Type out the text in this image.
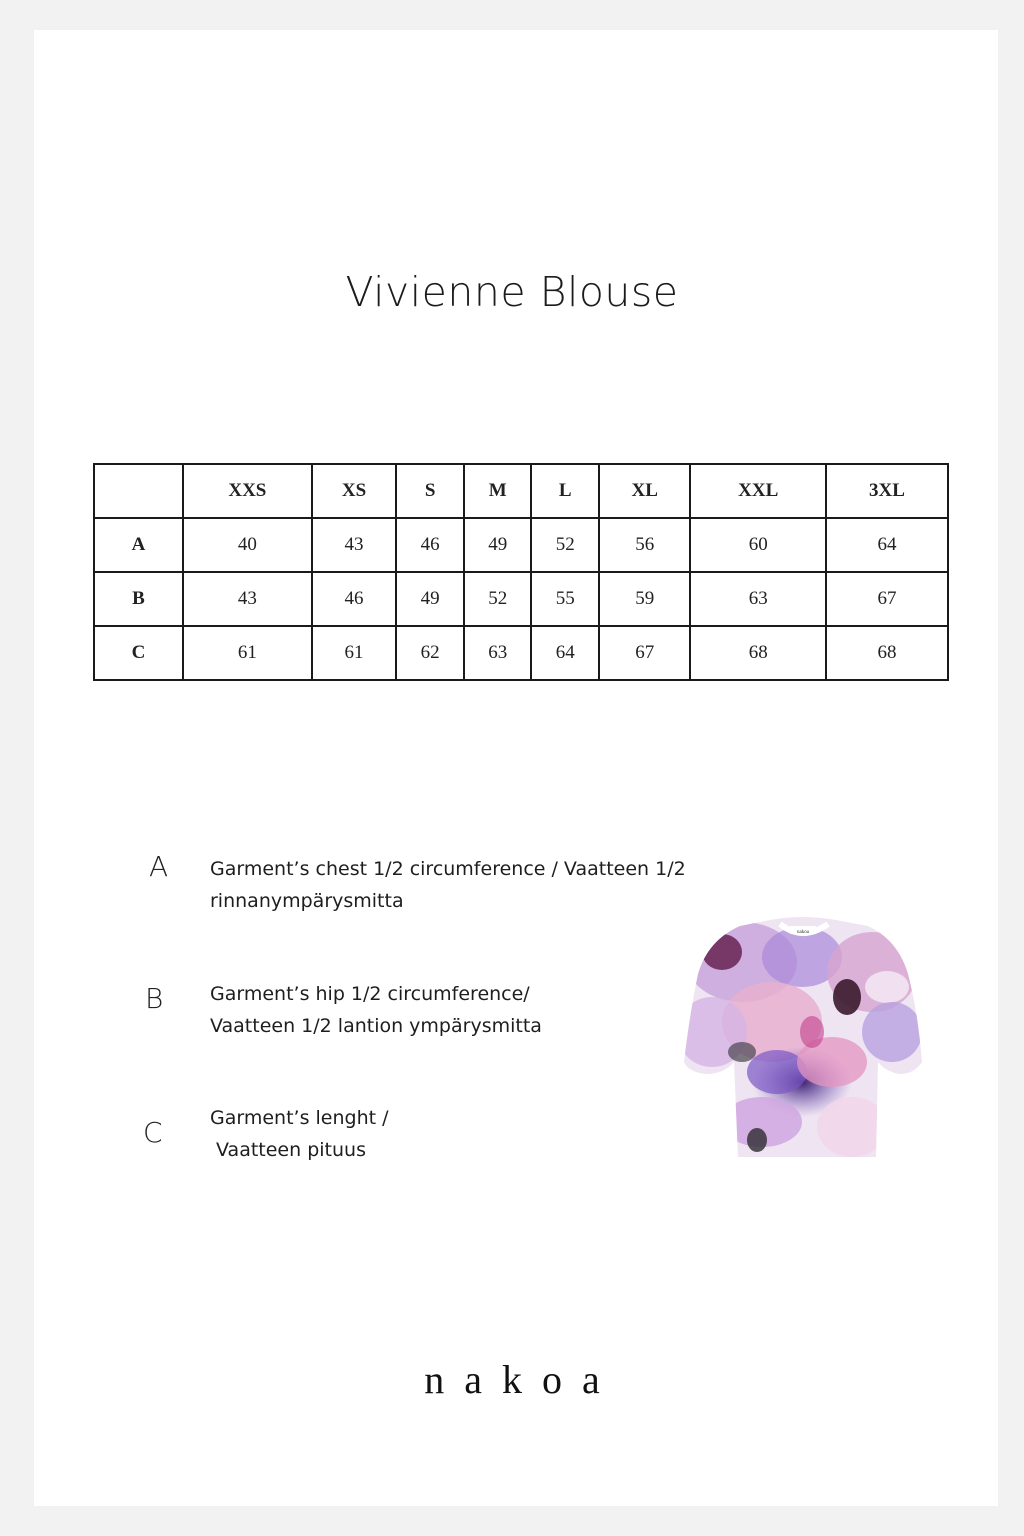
Vivienne Blouse
	XXS	XS	S	M	L	XL	XXL	3XL
A	40	43	46	49	52	56	60	64
B	43	46	49	52	55	59	63	67
C	61	61	62	63	64	67	68	68
A Garment’s chest 1/2 circumference / Vaatteen 1/2
rinnanympärysmitta
B Garment’s hip 1/2 circumference/
Vaatteen 1/2 lantion ympärysmitta
C Garment’s lenght /
Vaatteen pituus
nakoa
nakoa
